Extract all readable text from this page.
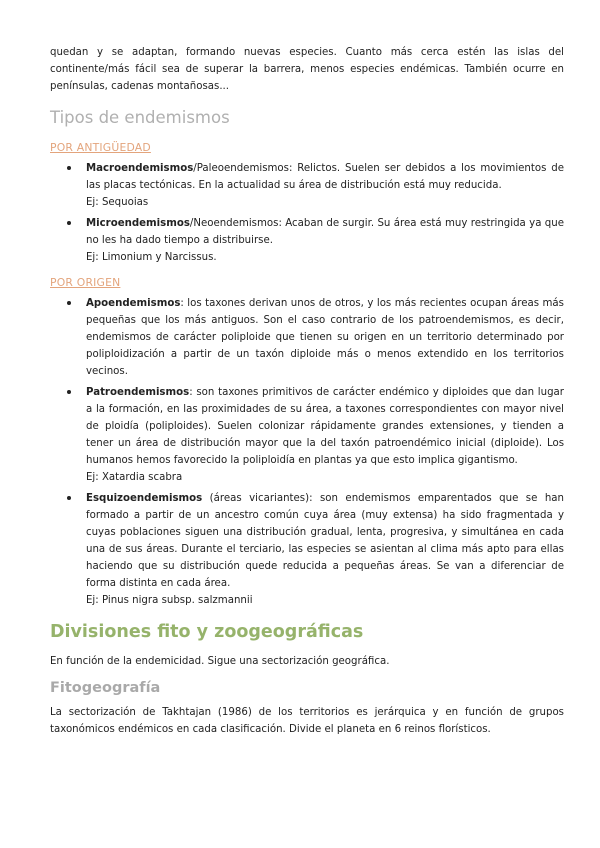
quedan y se adaptan, formando nuevas especies. Cuanto más cerca estén las islas del continente/más fácil sea de superar la barrera, menos especies endémicas. También ocurre en penínsulas, cadenas montañosas...

Tipos de endemismos
POR ANTIGÜEDAD

Macroendemismos/Paleoendemismos: Relictos. Suelen ser debidos a los movimientos de las placas tectónicas. En la actualidad su área de distribución está muy reducida.

Ej: Sequoias

Microendemismos/Neoendemismos: Acaban de surgir. Su área está muy restringida ya que no les ha dado tiempo a distribuirse.

Ej: Limonium y Narcissus.

POR ORIGEN

Apoendemismos: los taxones derivan unos de otros, y los más recientes ocupan áreas más pequeñas que los más antiguos. Son el caso contrario de los patroendemismos, es decir, endemismos de carácter poliploide que tienen su origen en un territorio determinado por poliploidización a partir de un taxón diploide más o menos extendido en los territorios vecinos.

Patroendemismos: son taxones primitivos de carácter endémico y diploides que dan lugar a la formación, en las proximidades de su área, a taxones correspondientes con mayor nivel de ploidía (poliploides). Suelen colonizar rápidamente grandes extensiones, y tienden a tener un área de distribución mayor que la del taxón patroendémico inicial (diploide). Los humanos hemos favorecido la poliploidía en plantas ya que esto implica gigantismo.

Ej: Xatardia scabra

Esquizoendemismos (áreas vicariantes): son endemismos emparentados que se han formado a partir de un ancestro común cuya área (muy extensa) ha sido fragmentada y cuyas poblaciones siguen una distribución gradual, lenta, progresiva, y simultánea en cada una de sus áreas. Durante el terciario, las especies se asientan al clima más apto para ellas haciendo que su distribución quede reducida a pequeñas áreas. Se van a diferenciar de forma distinta en cada área.

Ej: Pinus nigra subsp. salzmannii

Divisiones fito y zoogeográficas

En función de la endemicidad. Sigue una sectorización geográfica.

Fitogeografía

La sectorización de Takhtajan (1986) de los territorios es jerárquica y en función de grupos taxonómicos endémicos en cada clasificación. Divide el planeta en 6 reinos florísticos.
